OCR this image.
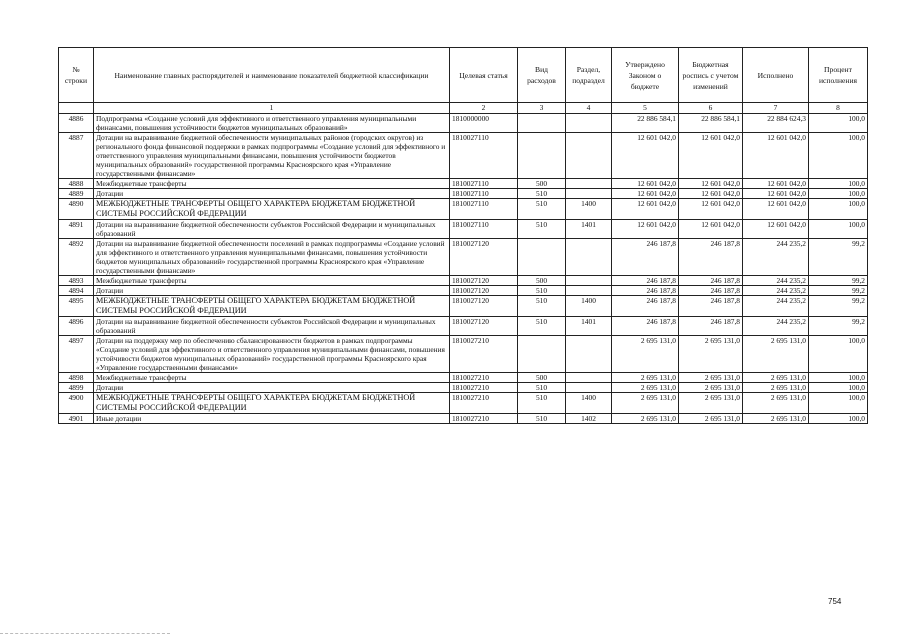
№ строки	Наименование главных распорядителей и наименование показателей бюджетной классификации	Целевая статья	Вид расходов	Раздел, подраздел	Утверждено Законом о бюджете	Бюджетная роспись с учетом изменений	Исполнено	Процент исполнения
	1	2	3	4	5	6	7	8
4886	Подпрограмма «Создание условий для эффективного и ответственного управления муниципальными финансами, повышения устойчивости бюджетов муниципальных образований»	1810000000			22 886 584,1	22 886 584,1	22 884 624,3	100,0
4887	Дотации на выравнивание бюджетной обеспеченности муниципальных районов (городских округов) из регионального фонда финансовой поддержки в рамках подпрограммы «Создание условий для эффективного и ответственного управления муниципальными финансами, повышения устойчивости бюджетов муниципальных образований» государственной программы Красноярского края «Управление государственными финансами»	1810027110			12 601 042,0	12 601 042,0	12 601 042,0	100,0
4888	Межбюджетные трансферты	1810027110	500		12 601 042,0	12 601 042,0	12 601 042,0	100,0
4889	Дотации	1810027110	510		12 601 042,0	12 601 042,0	12 601 042,0	100,0
4890	МЕЖБЮДЖЕТНЫЕ ТРАНСФЕРТЫ ОБЩЕГО ХАРАКТЕРА БЮДЖЕТАМ БЮДЖЕТНОЙ СИСТЕМЫ РОССИЙСКОЙ ФЕДЕРАЦИИ	1810027110	510	1400	12 601 042,0	12 601 042,0	12 601 042,0	100,0
4891	Дотации на выравнивание бюджетной обеспеченности субъектов Российской Федерации и муниципальных образований	1810027110	510	1401	12 601 042,0	12 601 042,0	12 601 042,0	100,0
4892	Дотации на выравнивание бюджетной обеспеченности поселений в рамках подпрограммы «Создание условий для эффективного и ответственного управления муниципальными финансами, повышения устойчивости бюджетов муниципальных образований» государственной программы Красноярского края «Управление государственными финансами»	1810027120			246 187,8	246 187,8	244 235,2	99,2
4893	Межбюджетные трансферты	1810027120	500		246 187,8	246 187,8	244 235,2	99,2
4894	Дотации	1810027120	510		246 187,8	246 187,8	244 235,2	99,2
4895	МЕЖБЮДЖЕТНЫЕ ТРАНСФЕРТЫ ОБЩЕГО ХАРАКТЕРА БЮДЖЕТАМ БЮДЖЕТНОЙ СИСТЕМЫ РОССИЙСКОЙ ФЕДЕРАЦИИ	1810027120	510	1400	246 187,8	246 187,8	244 235,2	99,2
4896	Дотации на выравнивание бюджетной обеспеченности субъектов Российской Федерации и муниципальных образований	1810027120	510	1401	246 187,8	246 187,8	244 235,2	99,2
4897	Дотации на поддержку мер по обеспечению сбалансированности бюджетов в рамках подпрограммы «Создание условий для эффективного и ответственного управления муниципальными финансами, повышения устойчивости бюджетов муниципальных образований» государственной программы Красноярского края «Управление государственными финансами»	1810027210			2 695 131,0	2 695 131,0	2 695 131,0	100,0
4898	Межбюджетные трансферты	1810027210	500		2 695 131,0	2 695 131,0	2 695 131,0	100,0
4899	Дотации	1810027210	510		2 695 131,0	2 695 131,0	2 695 131,0	100,0
4900	МЕЖБЮДЖЕТНЫЕ ТРАНСФЕРТЫ ОБЩЕГО ХАРАКТЕРА БЮДЖЕТАМ БЮДЖЕТНОЙ СИСТЕМЫ РОССИЙСКОЙ ФЕДЕРАЦИИ	1810027210	510	1400	2 695 131,0	2 695 131,0	2 695 131,0	100,0
4901	Иные дотации	1810027210	510	1402	2 695 131,0	2 695 131,0	2 695 131,0	100,0
754
